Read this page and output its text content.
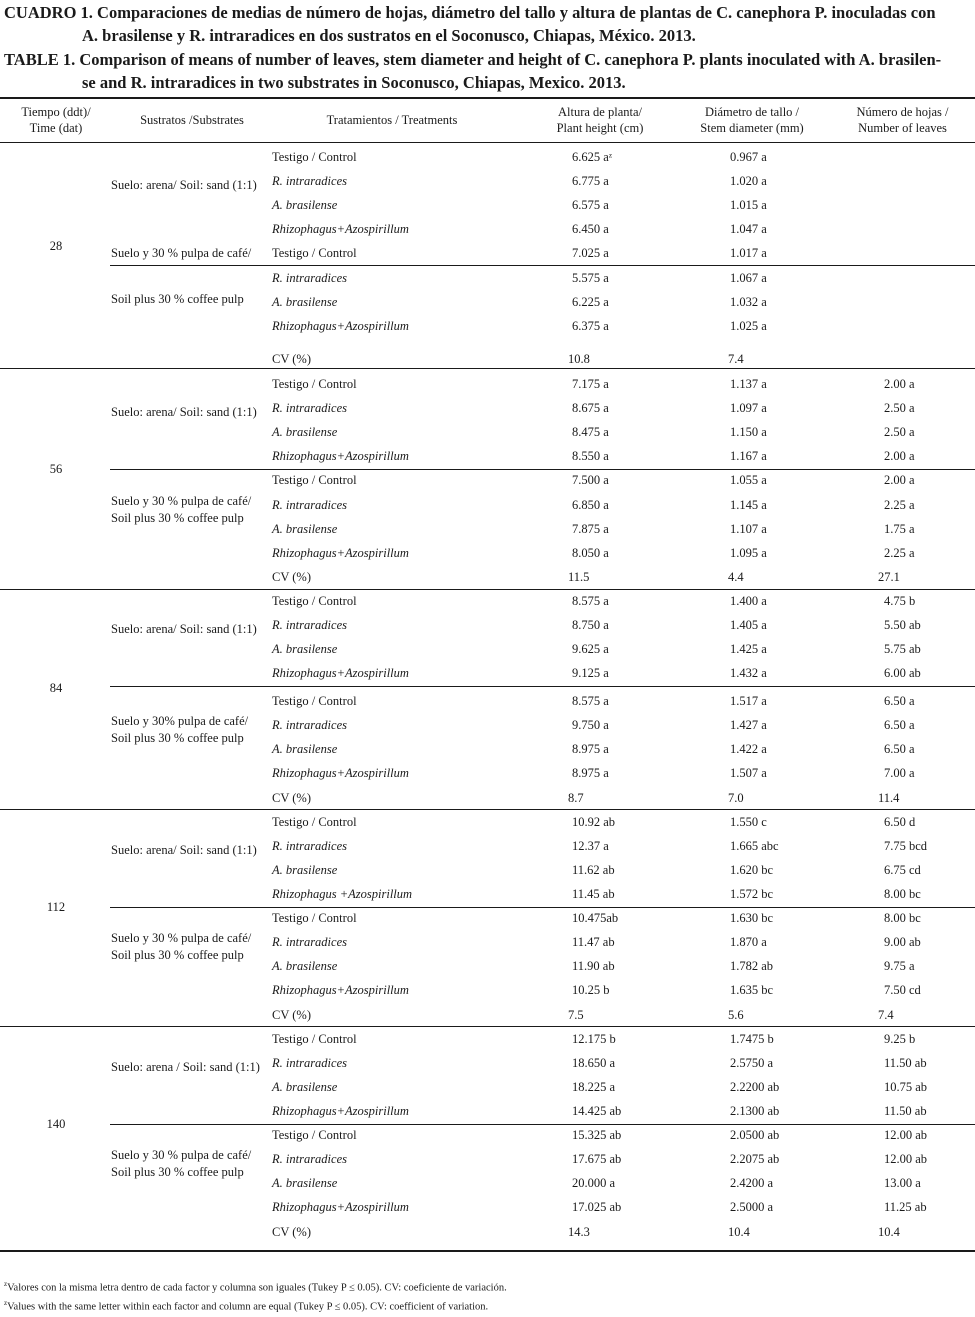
CUADRO 1. Comparaciones de medias de número de hojas, diámetro del tallo y altura de plantas de C. canephora P. inoculadas con
A. brasilense y R. intraradices en dos sustratos en el Soconusco, Chiapas, México. 2013.
TABLE 1. Comparison of means of number of leaves, stem diameter and height of C. canephora P. plants inoculated with A. brasilen-
se and R. intraradices in two substrates in Soconusco, Chiapas, Mexico. 2013.
Tiempo (ddt)/
Time (dat)
Sustratos /Substrates	Tratamientos / Treatments
Altura de planta/
Plant height (cm)
Diámetro de tallo /
Stem diameter (mm)
Número de hojas /
Number of leaves
28
Suelo: arena/ Soil: sand (1:1)
Testigo / Control	6.625 aᶻ	0.967 a
R. intraradices	6.775 a	1.020 a
A. brasilense	6.575 a	1.015 a
Rhizophagus+Azospirillum	6.450 a	1.047 a
Suelo y 30 % pulpa de café/
Soil plus 30 % coffee pulp
Testigo / Control	7.025 a	1.017 a
R. intraradices	5.575 a	1.067 a
A. brasilense	6.225 a	1.032 a
Rhizophagus+Azospirillum	6.375 a	1.025 a
CV (%)	10.8	7.4
56
Suelo: arena/ Soil: sand (1:1)
Testigo / Control	7.175 a	1.137 a	2.00 a
R. intraradices	8.675 a	1.097 a	2.50 a
A. brasilense	8.475 a	1.150 a	2.50 a
Rhizophagus+Azospirillum	8.550 a	1.167 a	2.00 a
Suelo y 30 % pulpa de café/
Soil plus 30 % coffee pulp
Testigo / Control	7.500 a	1.055 a	2.00 a
R. intraradices	6.850 a	1.145 a	2.25 a
A. brasilense	7.875 a	1.107 a	1.75 a
Rhizophagus+Azospirillum	8.050 a	1.095 a	2.25 a
CV (%)	11.5	4.4	27.1
84
Suelo: arena/ Soil: sand (1:1)
Testigo / Control	8.575 a	1.400 a	4.75 b
R. intraradices	8.750 a	1.405 a	5.50 ab
A. brasilense	9.625 a	1.425 a	5.75 ab
Rhizophagus+Azospirillum	9.125 a	1.432 a	6.00 ab
Suelo y 30% pulpa de café/
Soil plus 30 % coffee pulp
Testigo / Control	8.575 a	1.517 a	6.50 a
R. intraradices	9.750 a	1.427 a	6.50 a
A. brasilense	8.975 a	1.422 a	6.50 a
Rhizophagus+Azospirillum	8.975 a	1.507 a	7.00 a
CV (%)	8.7	7.0	11.4
112
Suelo: arena/ Soil: sand (1:1)
Testigo / Control	10.92 ab	1.550 c	6.50 d
R. intraradices	12.37 a	1.665 abc	7.75 bcd
A. brasilense	11.62 ab	1.620 bc	6.75 cd
Rhizophagus +Azospirillum	11.45 ab	1.572 bc	8.00 bc
Suelo y 30 % pulpa de café/
Soil plus 30 % coffee pulp
Testigo / Control	10.475ab	1.630 bc	8.00 bc
R. intraradices	11.47 ab	1.870 a	9.00 ab
A. brasilense	11.90 ab	1.782 ab	9.75 a
Rhizophagus+Azospirillum	10.25 b	1.635 bc	7.50 cd
CV (%)	7.5	5.6	7.4
140
Suelo: arena / Soil: sand (1:1)
Testigo / Control	12.175 b	1.7475 b	9.25 b
R. intraradices	18.650 a	2.5750 a	11.50 ab
A. brasilense	18.225 a	2.2200 ab	10.75 ab
Rhizophagus+Azospirillum	14.425 ab	2.1300 ab	11.50 ab
Suelo y 30 % pulpa de café/
Soil plus 30 % coffee pulp
Testigo / Control	15.325 ab	2.0500 ab	12.00 ab
R. intraradices	17.675 ab	2.2075 ab	12.00 ab
A. brasilense	20.000 a	2.4200 a	13.00 a
Rhizophagus+Azospirillum	17.025 ab	2.5000 a	11.25 ab
CV (%)	14.3	10.4	10.4
$^z$Valores con la misma letra dentro de cada factor y columna son iguales (Tukey P ≤ 0.05). CV: coeficiente de variación.
$^z$Values with the same letter within each factor and column are equal (Tukey P ≤ 0.05). CV: coefficient of variation.
